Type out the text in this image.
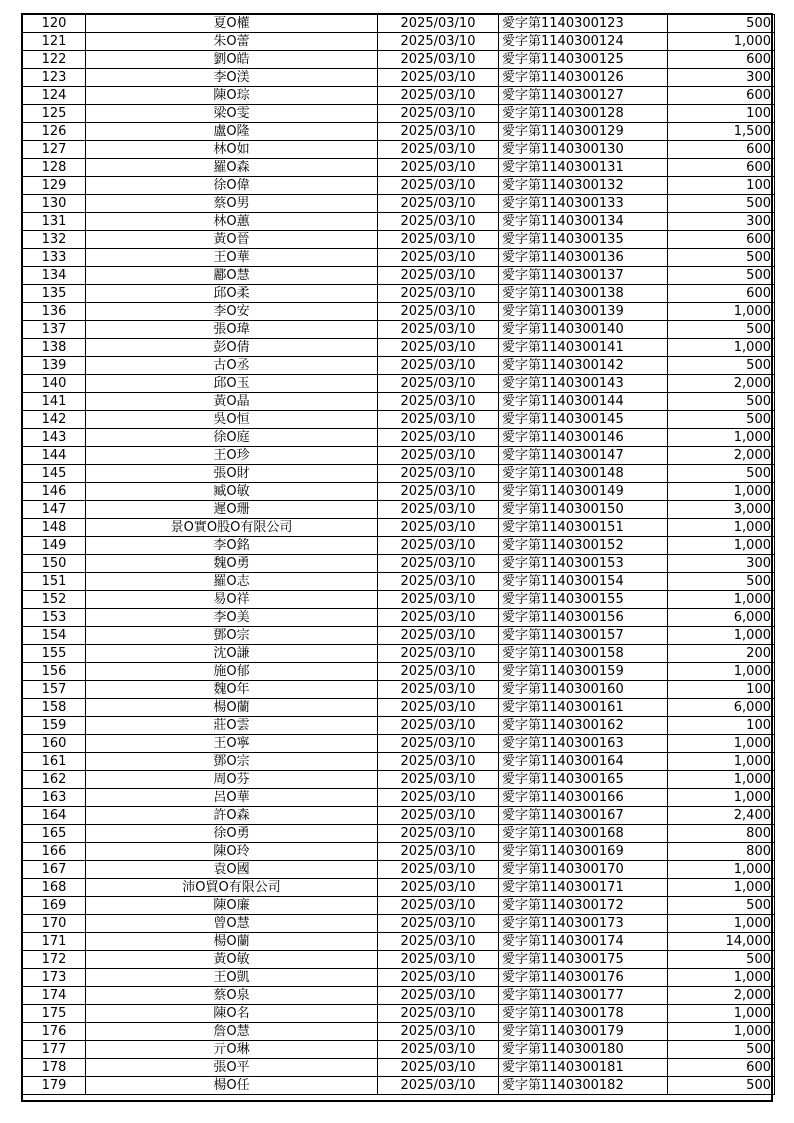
120	夏O權	2025/03/10	愛字第1140300123	500
121	朱O蕾	2025/03/10	愛字第1140300124	1,000
122	劉O皓	2025/03/10	愛字第1140300125	600
123	李O渼	2025/03/10	愛字第1140300126	300
124	陳O琮	2025/03/10	愛字第1140300127	600
125	梁O雯	2025/03/10	愛字第1140300128	100
126	盧O隆	2025/03/10	愛字第1140300129	1,500
127	林O如	2025/03/10	愛字第1140300130	600
128	羅O森	2025/03/10	愛字第1140300131	600
129	徐O偉	2025/03/10	愛字第1140300132	100
130	蔡O男	2025/03/10	愛字第1140300133	500
131	林O蕙	2025/03/10	愛字第1140300134	300
132	黃O晉	2025/03/10	愛字第1140300135	600
133	王O華	2025/03/10	愛字第1140300136	500
134	酈O慧	2025/03/10	愛字第1140300137	500
135	邱O柔	2025/03/10	愛字第1140300138	600
136	李O安	2025/03/10	愛字第1140300139	1,000
137	張O瑋	2025/03/10	愛字第1140300140	500
138	彭O倩	2025/03/10	愛字第1140300141	1,000
139	古O丞	2025/03/10	愛字第1140300142	500
140	邱O玉	2025/03/10	愛字第1140300143	2,000
141	黃O晶	2025/03/10	愛字第1140300144	500
142	吳O恒	2025/03/10	愛字第1140300145	500
143	徐O庭	2025/03/10	愛字第1140300146	1,000
144	王O珍	2025/03/10	愛字第1140300147	2,000
145	張O財	2025/03/10	愛字第1140300148	500
146	臧O敏	2025/03/10	愛字第1140300149	1,000
147	遲O珊	2025/03/10	愛字第1140300150	3,000
148	景O實O股O有限公司	2025/03/10	愛字第1140300151	1,000
149	李O銘	2025/03/10	愛字第1140300152	1,000
150	魏O勇	2025/03/10	愛字第1140300153	300
151	羅O志	2025/03/10	愛字第1140300154	500
152	易O祥	2025/03/10	愛字第1140300155	1,000
153	李O美	2025/03/10	愛字第1140300156	6,000
154	鄧O宗	2025/03/10	愛字第1140300157	1,000
155	沈O謙	2025/03/10	愛字第1140300158	200
156	施O郁	2025/03/10	愛字第1140300159	1,000
157	魏O年	2025/03/10	愛字第1140300160	100
158	楊O蘭	2025/03/10	愛字第1140300161	6,000
159	莊O雲	2025/03/10	愛字第1140300162	100
160	王O寧	2025/03/10	愛字第1140300163	1,000
161	鄧O宗	2025/03/10	愛字第1140300164	1,000
162	周O芬	2025/03/10	愛字第1140300165	1,000
163	呂O華	2025/03/10	愛字第1140300166	1,000
164	許O森	2025/03/10	愛字第1140300167	2,400
165	徐O勇	2025/03/10	愛字第1140300168	800
166	陳O玲	2025/03/10	愛字第1140300169	800
167	袁O國	2025/03/10	愛字第1140300170	1,000
168	沛O貿O有限公司	2025/03/10	愛字第1140300171	1,000
169	陳O廉	2025/03/10	愛字第1140300172	500
170	曾O慧	2025/03/10	愛字第1140300173	1,000
171	楊O蘭	2025/03/10	愛字第1140300174	14,000
172	黃O敏	2025/03/10	愛字第1140300175	500
173	王O凱	2025/03/10	愛字第1140300176	1,000
174	蔡O泉	2025/03/10	愛字第1140300177	2,000
175	陳O名	2025/03/10	愛字第1140300178	1,000
176	詹O慧	2025/03/10	愛字第1140300179	1,000
177	亓O琳	2025/03/10	愛字第1140300180	500
178	張O平	2025/03/10	愛字第1140300181	600
179	楊O任	2025/03/10	愛字第1140300182	500
